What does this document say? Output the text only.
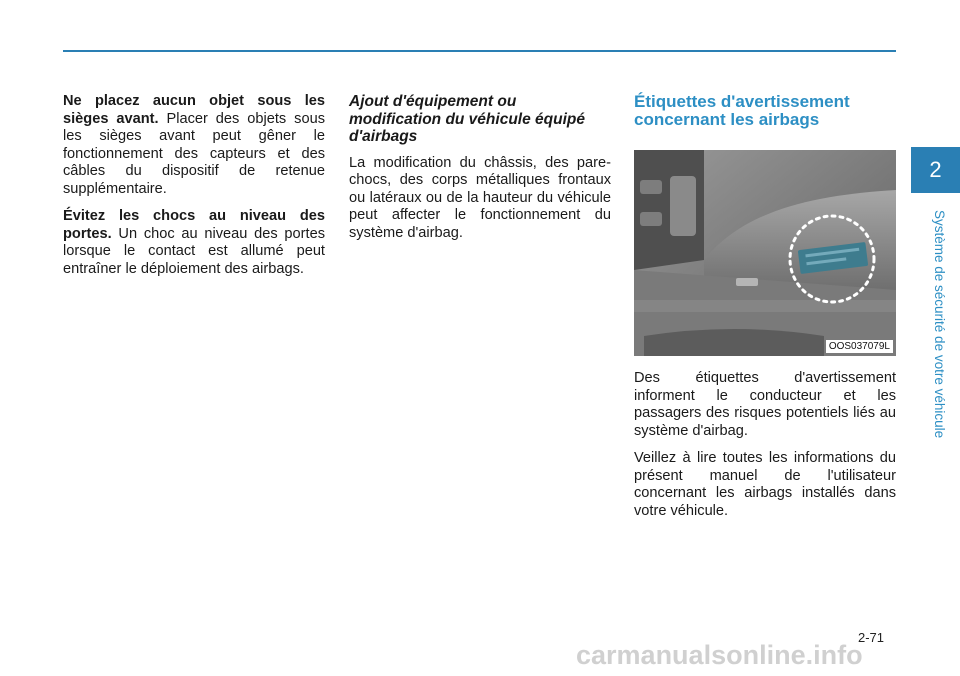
Ne placez aucun objet sous les sièges avant. Placer des objets sous les sièges avant peut gêner le fonctionnement des capteurs et des câbles du dispositif de retenue supplémentaire.

Évitez les chocs au niveau des portes. Un choc au niveau des portes lorsque le contact est allumé peut entraîner le déploiement des airbags.

Ajout d'équipement ou modification du véhicule équipé d'airbags

La modification du châssis, des pare-chocs, des corps métalliques frontaux ou latéraux ou de la hauteur du véhicule peut affecter le fonctionnement du système d'airbag.

Étiquettes d'avertissement concernant les airbags
OOS037079L

Des étiquettes d'avertissement informent le conducteur et les passagers des risques potentiels liés au système d'airbag.

Veillez à lire toutes les informations du présent manuel de l'utilisateur concernant les airbags installés dans votre véhicule.

2
Système de sécurité de votre véhicule
2-71
carmanualsonline.info
